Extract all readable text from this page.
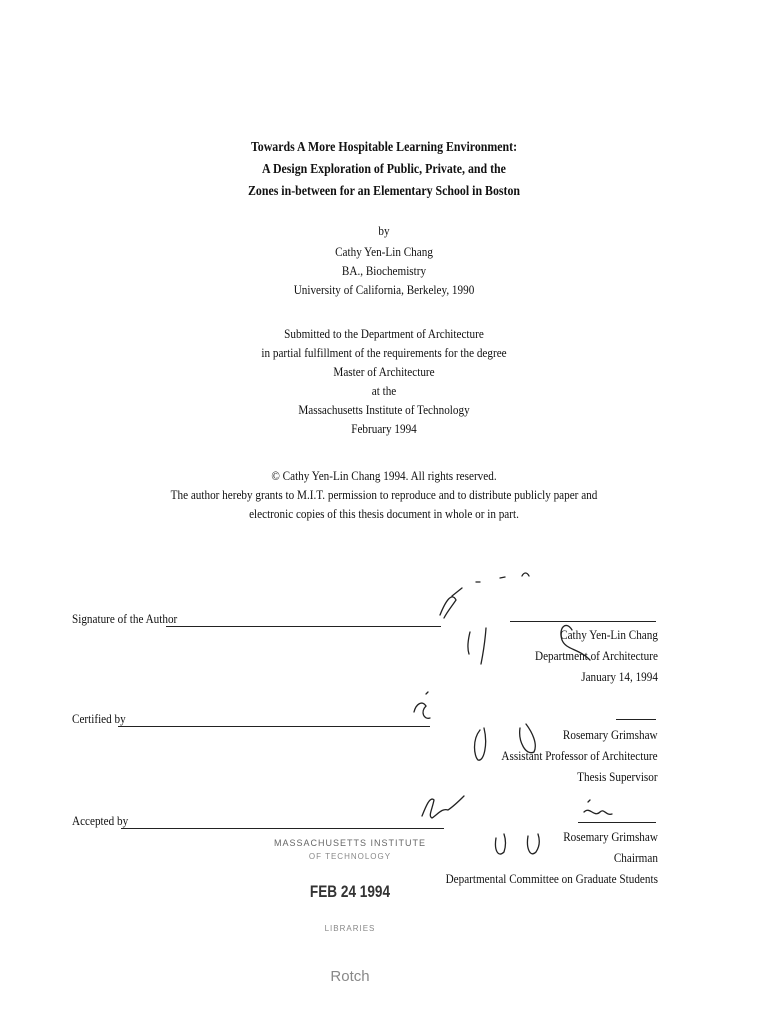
Towards A More Hospitable Learning Environment:
A Design Exploration of Public, Private, and the
Zones in-between for an Elementary School in Boston
by
Cathy Yen-Lin Chang
BA., Biochemistry
University of California, Berkeley, 1990
Submitted to the Department of Architecture
in partial fulfillment of the requirements for the degree
Master of Architecture
at the
Massachusetts Institute of Technology
February 1994
© Cathy Yen-Lin Chang 1994. All rights reserved.
The author hereby grants to M.I.T. permission to reproduce and to distribute publicly paper and
electronic copies of this thesis document in whole or in part.
Signature of the Author
Cathy Yen-Lin Chang
Department of Architecture
January 14, 1994
Certified by
Rosemary Grimshaw
Assistant Professor of Architecture
Thesis Supervisor
Accepted by
Rosemary Grimshaw
Chairman
Departmental Committee on Graduate Students
MASSACHUSETTS INSTITUTE
OF TECHNOLOGY
FEB 24 1994
LIBRARIES
Rotch
